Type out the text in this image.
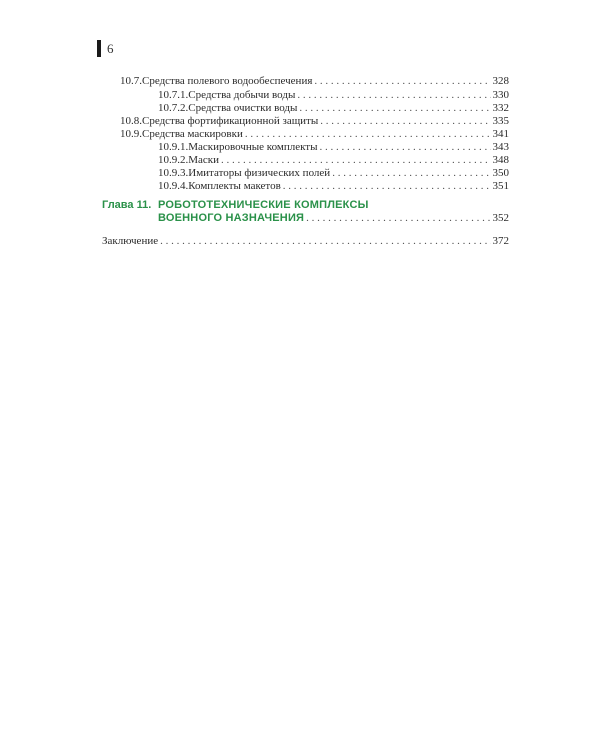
6
10.7. Средства полевого водообеспечения . . .	328
10.7.1. Средства добычи воды . . .	330
10.7.2. Средства очистки воды . . .	332
10.8. Средства фортификационной защиты . . .	335
10.9. Средства маскировки . . .	341
10.9.1. Маскировочные комплекты . . .	343
10.9.2. Маски . . .	348
10.9.3. Имитаторы физических полей . . .	350
10.9.4. Комплекты макетов . . .	351
Глава 11. РОБОТОТЕХНИЧЕСКИЕ КОМПЛЕКСЫ
ВОЕННОГО НАЗНАЧЕНИЯ . . .	352
Заключение . . .	372
